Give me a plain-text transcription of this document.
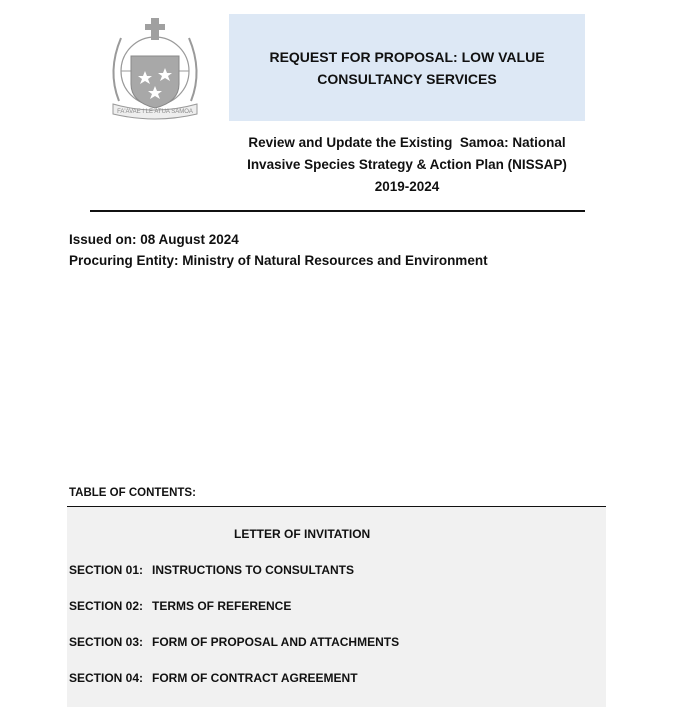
FA'AVAE I LE ATUA SAMOA
REQUEST FOR PROPOSAL: LOW VALUE
CONSULTANCY SERVICES
Review and Update the Existing  Samoa: National
Invasive Species Strategy & Action Plan (NISSAP)
2019-2024
Issued on: 08 August 2024
Procuring Entity: Ministry of Natural Resources and Environment
TABLE OF CONTENTS:
LETTER OF INVITATION
SECTION 01: INSTRUCTIONS TO CONSULTANTS
SECTION 02: TERMS OF REFERENCE
SECTION 03: FORM OF PROPOSAL AND ATTACHMENTS
SECTION 04: FORM OF CONTRACT AGREEMENT
